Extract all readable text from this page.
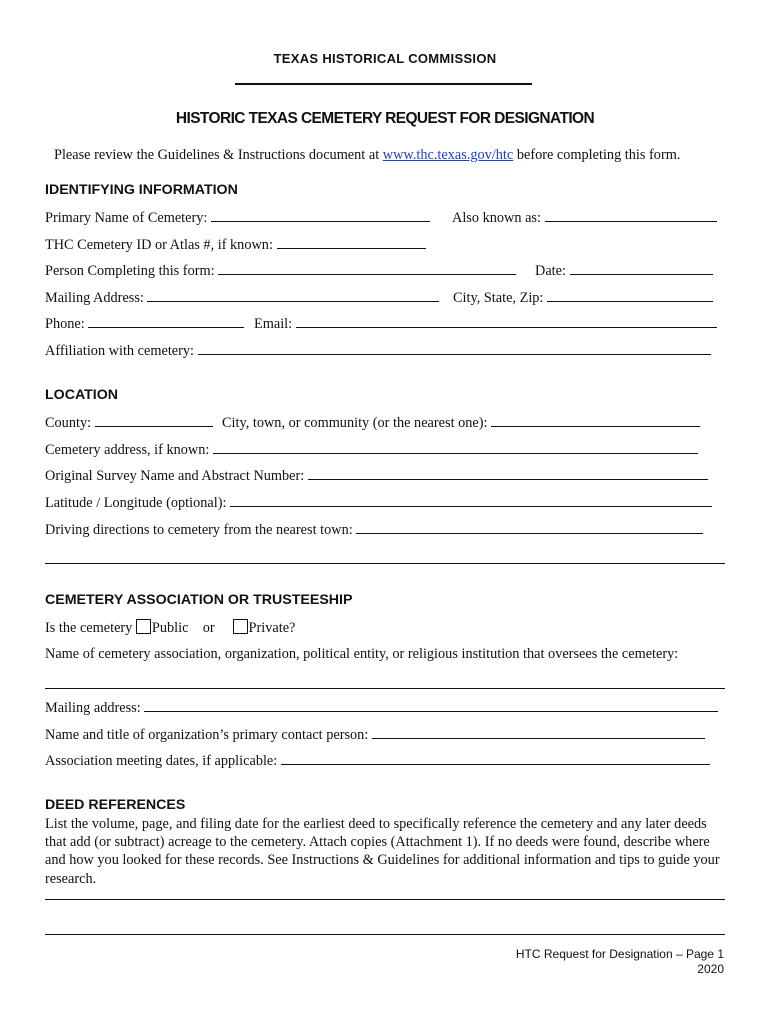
TEXAS HISTORICAL COMMISSION
HISTORIC TEXAS CEMETERY REQUEST FOR DESIGNATION
Please review the Guidelines & Instructions document at www.thc.texas.gov/htc before completing this form.
IDENTIFYING INFORMATION
Primary Name of Cemetery:	Also known as:
THC Cemetery ID or Atlas #, if known:
Person Completing this form:	Date:
Mailing Address:	City, State, Zip:
Phone:	Email:
Affiliation with cemetery:
LOCATION
County:	City, town, or community (or the nearest one):
Cemetery address, if known:
Original Survey Name and Abstract Number:
Latitude / Longitude (optional):
Driving directions to cemetery from the nearest town:
CEMETERY ASSOCIATION OR TRUSTEESHIP
Is the cemetery Public or Private?
Name of cemetery association, organization, political entity, or religious institution that oversees the cemetery:
Mailing address:
Name and title of organization’s primary contact person:
Association meeting dates, if applicable:
DEED REFERENCES
List the volume, page, and filing date for the earliest deed to specifically reference the cemetery and any later deeds that add (or subtract) acreage to the cemetery. Attach copies (Attachment 1). If no deeds were found, describe where and how you looked for these records. See Instructions & Guidelines for additional information and tips to guide your research.
HTC Request for Designation – Page 1
2020
